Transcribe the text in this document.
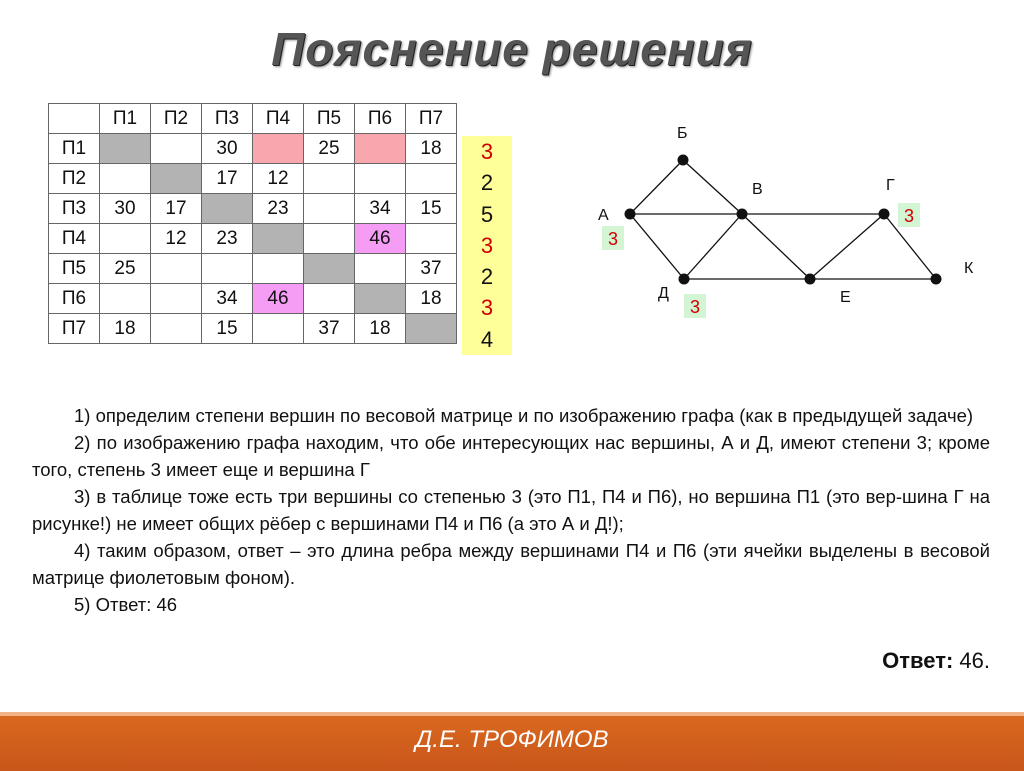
Пояснение решения
	П1	П2	П3	П4	П5	П6	П7
П1			30		25		18
П2			17	12			
П3	30	17		23		34	15
П4		12	23			46	
П5	25						37
П6			34	46			18
П7	18		15		37	18	
3
2
5
3
2
3
4
А
3
Б
В	Г
3
Д
3	Е
К

1) определим степени вершин по весовой матрице и по изображению графа (как в предыдущей задаче)

2) по изображению графа находим, что обе интересующих нас вершины, А и Д, имеют степени 3; кроме того, степень 3 имеет еще и вершина Г

3) в таблице тоже есть три вершины со степенью 3 (это П1, П4 и П6), но вершина П1 (это вер-шина Г на рисунке!) не имеет общих рёбер с вершинами П4 и П6 (а это А и Д!);

4) таким образом, ответ – это длина ребра между вершинами П4 и П6 (эти ячейки выделены в весовой матрице фиолетовым фоном).

5) Ответ: 46

Ответ: 46.
Д.Е. ТРОФИМОВ
